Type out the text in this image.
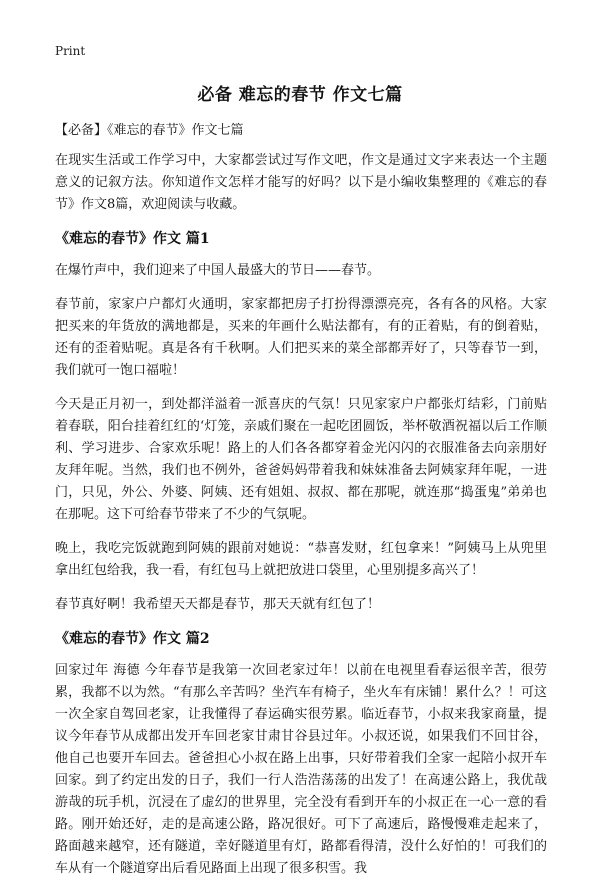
Print
必备 难忘的春节 作文七篇
【必备】《难忘的春节》作文七篇

在现实生活或工作学习中，大家都尝试过写作文吧，作文是通过文字来表达一个主题意义的记叙方法。你知道作文怎样才能写的好吗？以下是小编收集整理的《难忘的春节》作文8篇，欢迎阅读与收藏。

《难忘的春节》作文 篇1

在爆竹声中，我们迎来了中国人最盛大的节日——春节。

春节前，家家户户都灯火通明，家家都把房子打扮得漂漂亮亮，各有各的风格。大家把买来的年货放的满地都是，买来的年画什么贴法都有，有的正着贴，有的倒着贴，还有的歪着贴呢。真是各有千秋啊。人们把买来的菜全部都弄好了，只等春节一到，我们就可一饱口福啦！

今天是正月初一，到处都洋溢着一派喜庆的气氛！只见家家户户都张灯结彩，门前贴着春联，阳台挂着红红的‘灯笼，亲戚们聚在一起吃团圆饭，举杯敬酒祝福以后工作顺利、学习进步、合家欢乐呢！路上的人们各各都穿着金光闪闪的衣服准备去向亲朋好友拜年呢。当然，我们也不例外，爸爸妈妈带着我和妹妹准备去阿姨家拜年呢，一进门，只见，外公、外婆、阿姨、还有姐姐、叔叔、都在那呢，就连那“捣蛋鬼”弟弟也在那呢。这下可给春节带来了不少的气氛呢。

晚上，我吃完饭就跑到阿姨的跟前对她说：“恭喜发财，红包拿来！”阿姨马上从兜里拿出红包给我，我一看，有红包马上就把放进口袋里，心里别提多高兴了！

春节真好啊！我希望天天都是春节，那天天就有红包了！

《难忘的春节》作文 篇2

回家过年 海德 今年春节是我第一次回老家过年！以前在电视里看春运很辛苦，很劳累，我都不以为然。“有那么辛苦吗？坐汽车有椅子，坐火车有床铺！累什么？！可这一次全家自驾回老家，让我懂得了春运确实很劳累。临近春节，小叔来我家商量，提议今年春节从成都出发开车回老家甘肃甘谷县过年。小叔还说，如果我们不回甘谷，他自己也要开车回去。爸爸担心小叔在路上出事，只好带着我们全家一起陪小叔开车回家。到了约定出发的日子，我们一行人浩浩荡荡的出发了！在高速公路上，我优哉游哉的玩手机，沉浸在了虚幻的世界里，完全没有看到开车的小叔正在一心一意的看路。刚开始还好，走的是高速公路，路况很好。可下了高速后，路慢慢难走起来了，路面越来越窄，还有隧道，幸好隧道里有灯，路都看得清，没什么好怕的！可我们的车从有一个隧道穿出后看见路面上出现了很多积雪。我
